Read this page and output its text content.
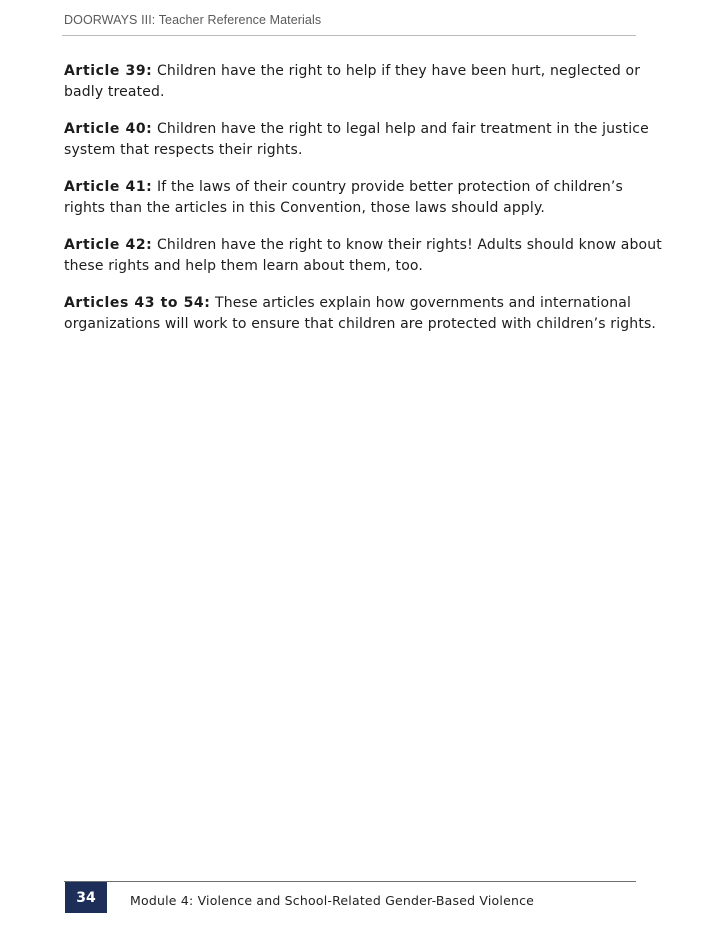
DOORWAYS III: Teacher Reference Materials

Article 39: Children have the right to help if they have been hurt, neglected or badly treated.

Article 40: Children have the right to legal help and fair treatment in the justice system that respects their rights.

Article 41: If the laws of their country provide better protection of children’s rights than the articles in this Convention, those laws should apply.

Article 42: Children have the right to know their rights! Adults should know about these rights and help them learn about them, too.

Articles 43 to 54: These articles explain how governments and international organizations will work to ensure that children are protected with children’s rights.

34	Module 4: Violence and School-Related Gender-Based Violence
